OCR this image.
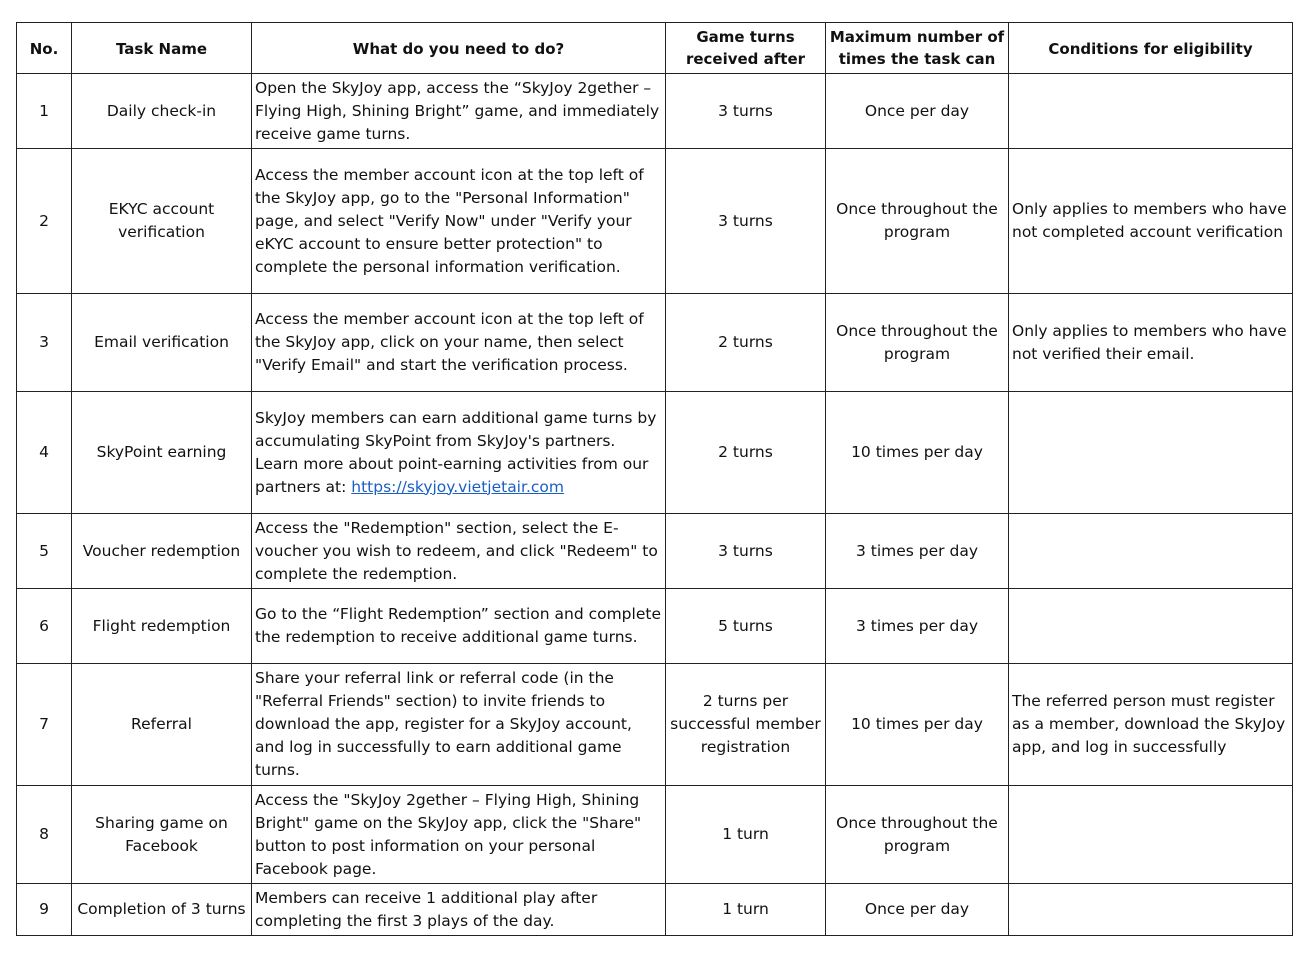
No.	Task Name	What do you need to do?	Game turns received after	Maximum number of times the task can	Conditions for eligibility

1	Daily check-in	Open the SkyJoy app, access the “SkyJoy 2gether – Flying High, Shining Bright” game, and immediately receive game turns.	3 turns	Once per day	
2	EKYC account verification	Access the member account icon at the top left of the SkyJoy app, go to the "Personal Information" page, and select "Verify Now" under "Verify your eKYC account to ensure better protection" to complete the personal information verification.	3 turns	Once throughout the program	Only applies to members who have not completed account verification
3	Email verification	Access the member account icon at the top left of the SkyJoy app, click on your name, then select "Verify Email" and start the verification process.	2 turns	Once throughout the program	Only applies to members who have not verified their email.
4	SkyPoint earning	SkyJoy members can earn additional game turns by accumulating SkyPoint from SkyJoy's partners. Learn more about point-earning activities from our partners at: https://skyjoy.vietjetair.com	2 turns	10 times per day	
5	Voucher redemption	Access the "Redemption" section, select the E-voucher you wish to redeem, and click "Redeem" to complete the redemption.	3 turns	3 times per day	
6	Flight redemption	Go to the “Flight Redemption” section and complete the redemption to receive additional game turns.	5 turns	3 times per day	
7	Referral	Share your referral link or referral code (in the "Referral Friends" section) to invite friends to download the app, register for a SkyJoy account, and log in successfully to earn additional game turns.	2 turns per successful member registration	10 times per day	The referred person must register as a member, download the SkyJoy app, and log in successfully
8	Sharing game on Facebook	Access the "SkyJoy 2gether – Flying High, Shining Bright" game on the SkyJoy app, click the "Share" button to post information on your personal Facebook page.	1 turn	Once throughout the program	
9	Completion of 3 turns	Members can receive 1 additional play after completing the first 3 plays of the day.	1 turn	Once per day	
